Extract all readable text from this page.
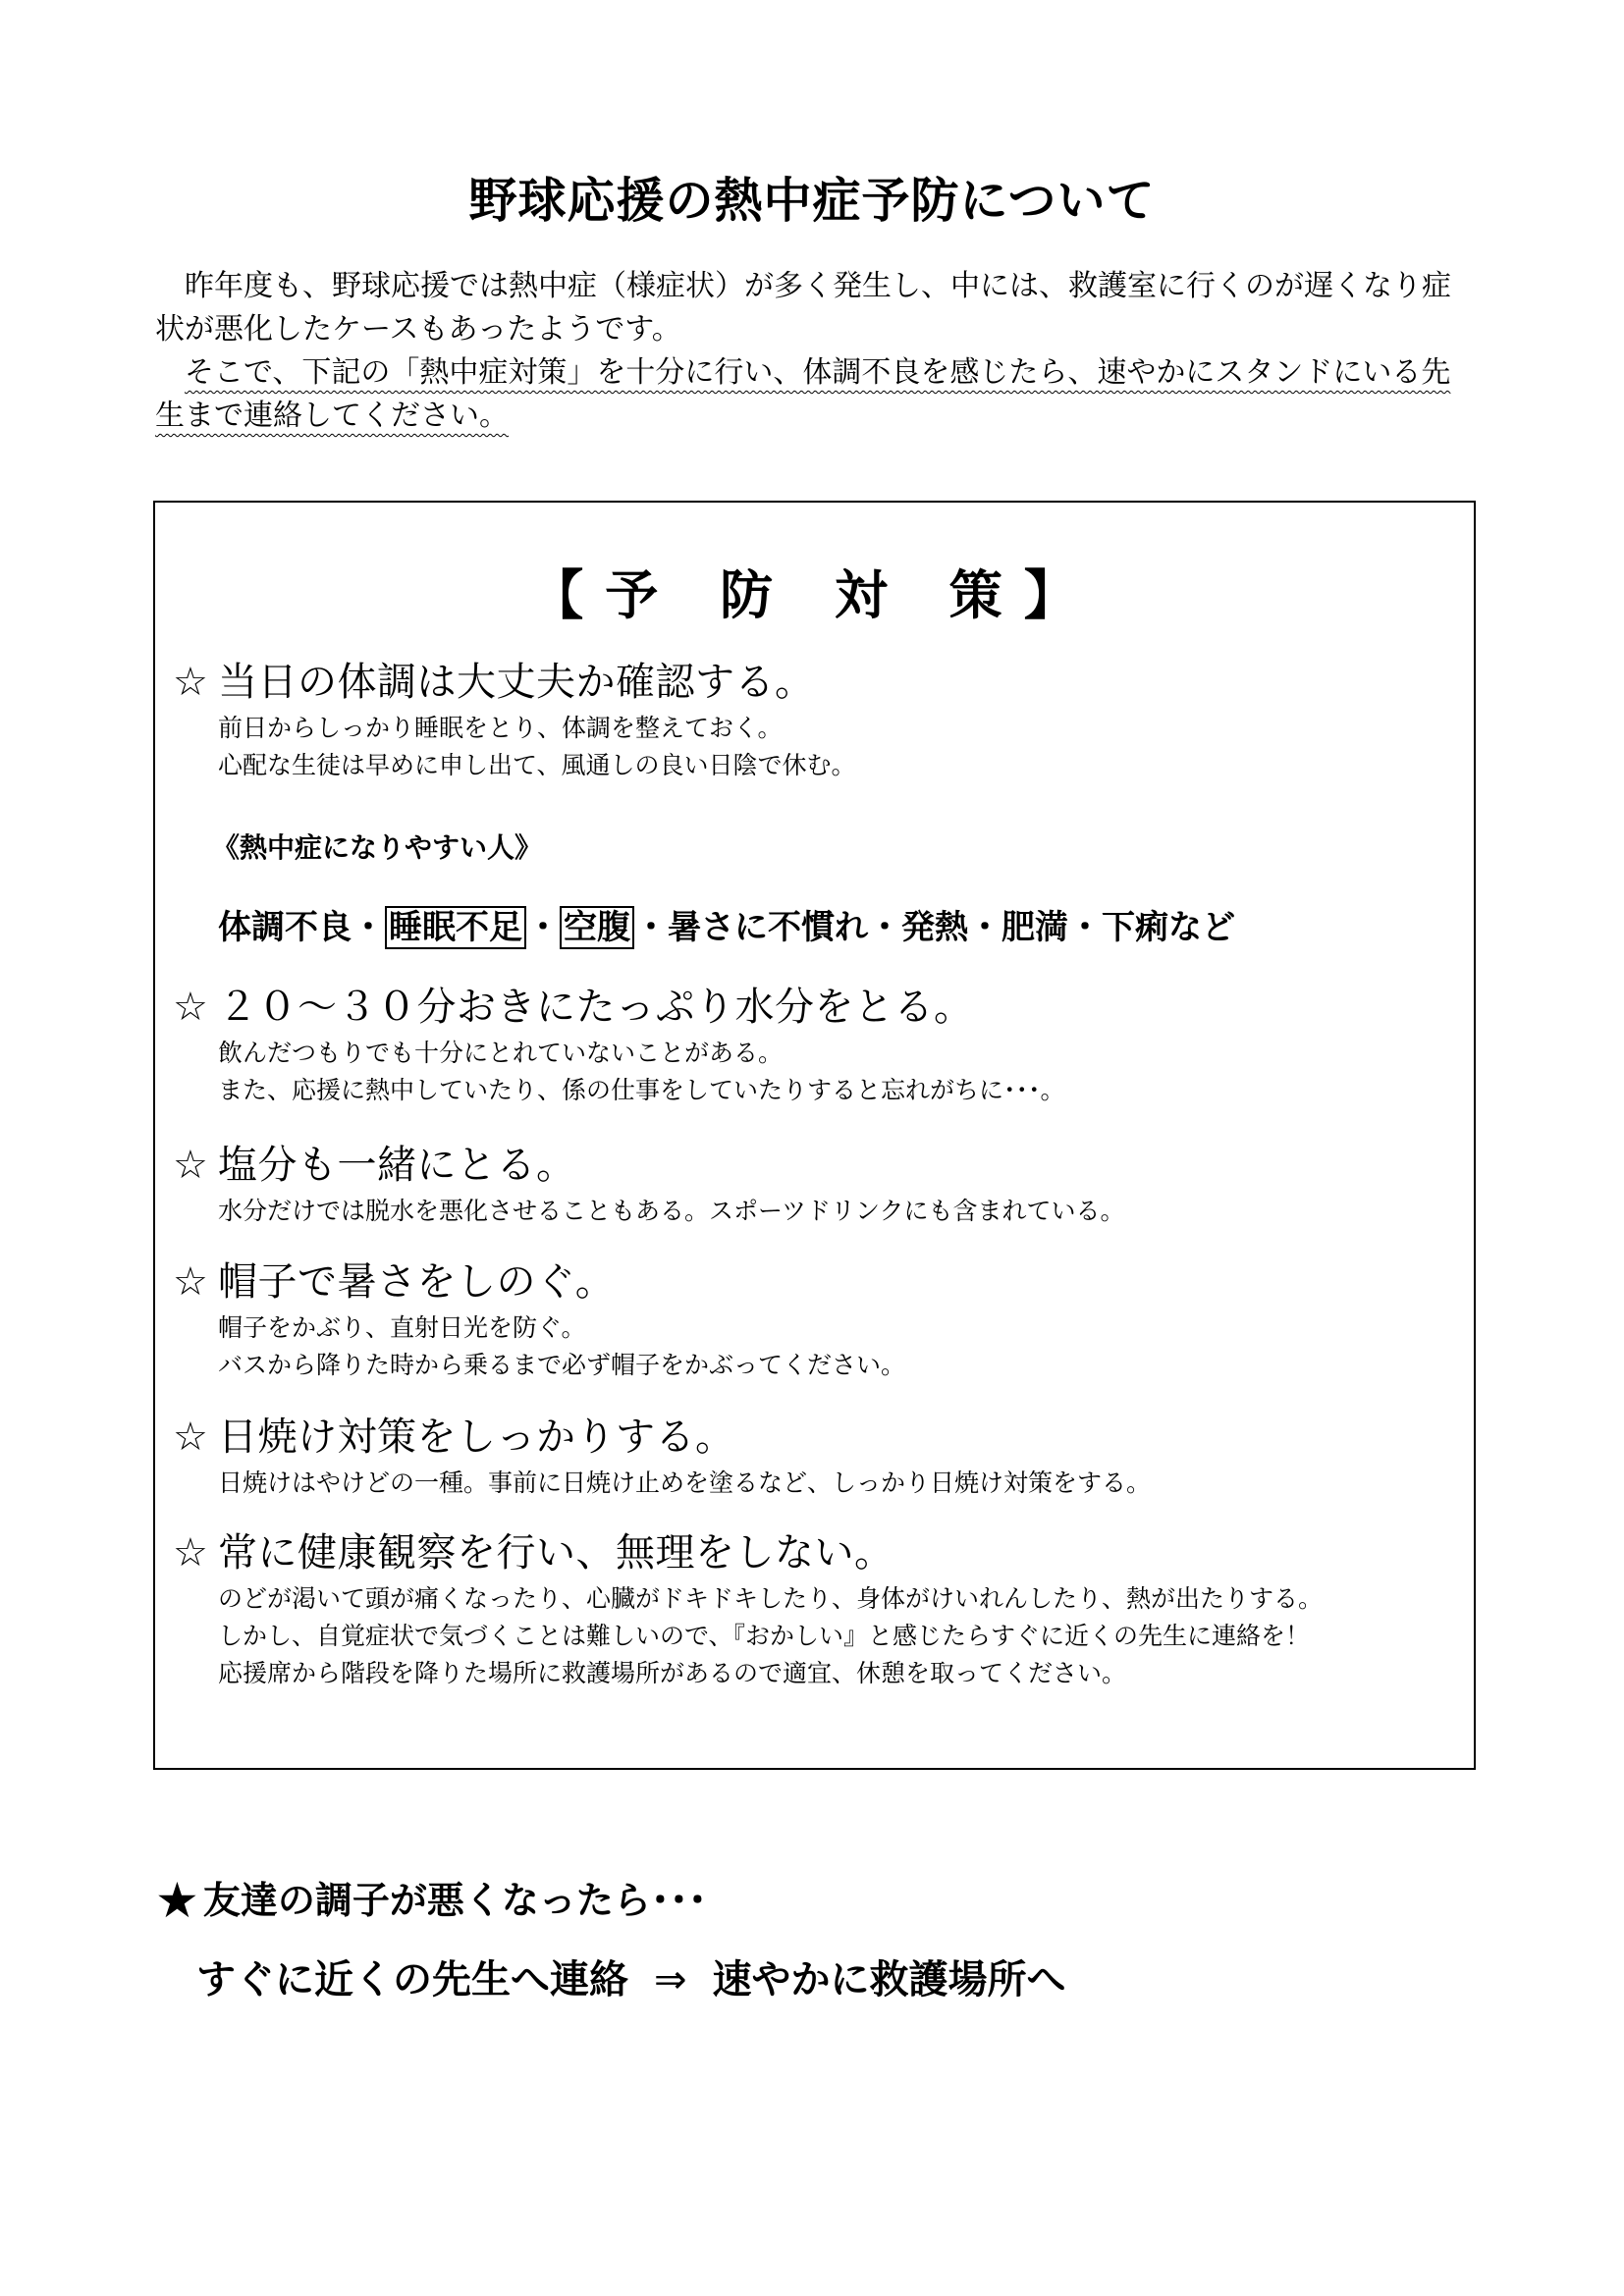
野球応援の熱中症予防について

昨年度も、野球応援では熱中症（様症状）が多く発生し、中には、救護室に行くのが遅くなり症状が悪化したケースもあったようです。

そこで、下記の「熱中症対策」を十分に行い、体調不良を感じたら、速やかにスタンドにいる先生まで連絡してください。

【予 防 対 策】
☆ 当日の体調は大丈夫か確認する。

前日からしっかり睡眠をとり、体調を整えておく。

心配な生徒は早めに申し出て、風通しの良い日陰で休む。

《熱中症になりやすい人》
体調不良・ 睡眠不足 ・ 空腹 ・暑さに不慣れ・発熱・肥満・下痢など
☆ ２０～３０分おきにたっぷり水分をとる。

飲んだつもりでも十分にとれていないことがある。

また、応援に熱中していたり、係の仕事をしていたりすると忘れがちに･･･。

☆ 塩分も一緒にとる。

水分だけでは脱水を悪化させることもある。スポーツドリンクにも含まれている。

☆ 帽子で暑さをしのぐ。

帽子をかぶり、直射日光を防ぐ。

バスから降りた時から乗るまで必ず帽子をかぶってください。

☆ 日焼け対策をしっかりする。

日焼けはやけどの一種。事前に日焼け止めを塗るなど、しっかり日焼け対策をする。

☆ 常に健康観察を行い、無理をしない。

のどが渇いて頭が痛くなったり、心臓がドキドキしたり、身体がけいれんしたり、熱が出たりする。

しかし、自覚症状で気づくことは難しいので、『おかしい』と感じたらすぐに近くの先生に連絡を！

応援席から階段を降りた場所に救護場所があるので適宜、休憩を取ってください。

★ 友達の調子が悪くなったら･･･
すぐに近くの先生へ連絡 ⇒ 速やかに救護場所へ
